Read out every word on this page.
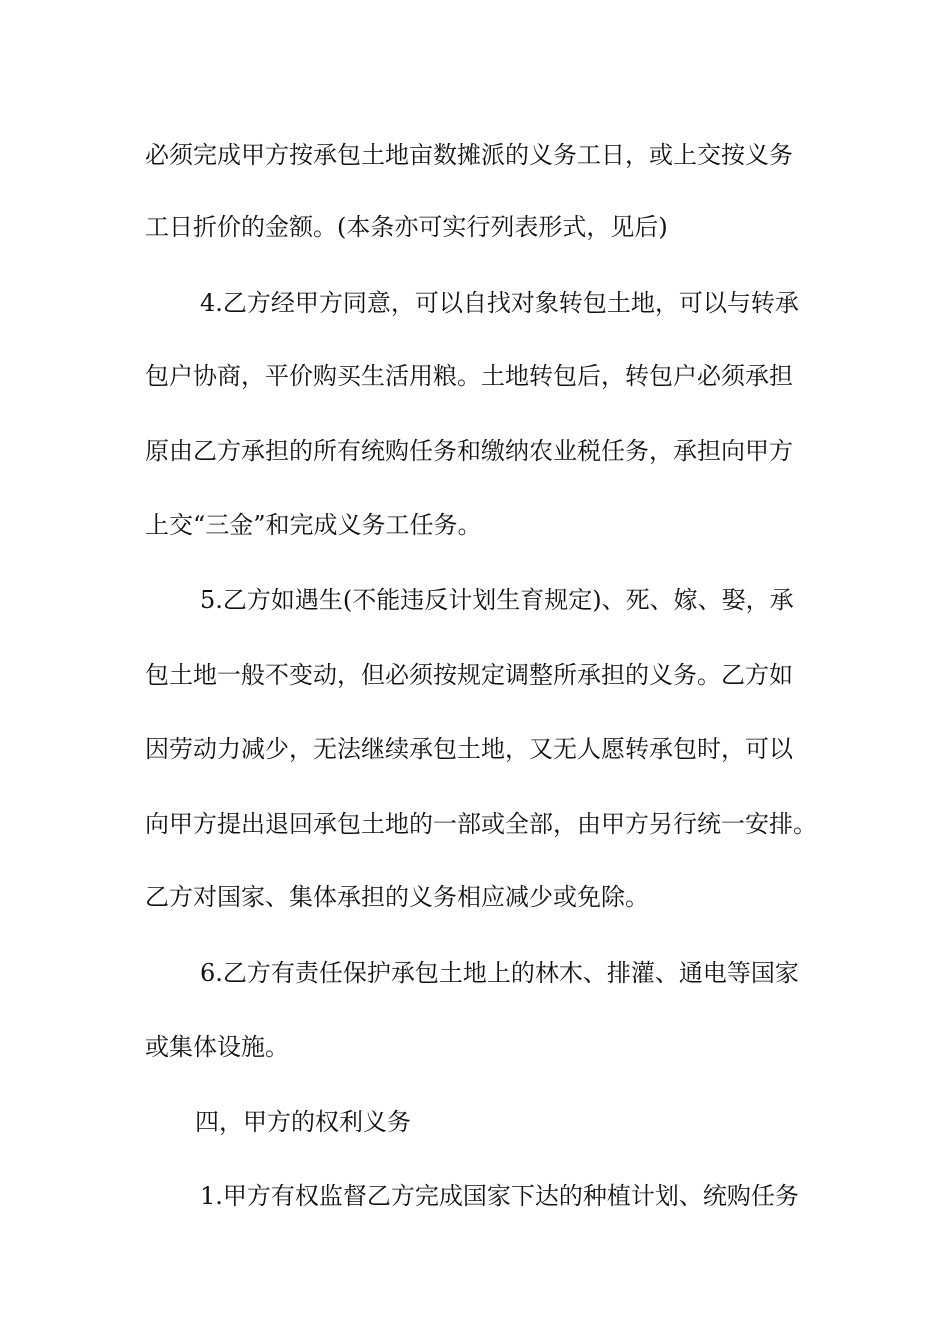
必须完成甲方按承包土地亩数摊派的义务工日，或上交按义务
工日折价的金额。(本条亦可实行列表形式，见后)
4.乙方经甲方同意，可以自找对象转包土地，可以与转承
包户协商，平价购买生活用粮。土地转包后，转包户必须承担
原由乙方承担的所有统购任务和缴纳农业税任务，承担向甲方
上交“三金”和完成义务工任务。
5.乙方如遇生(不能违反计划生育规定)、死、嫁、娶，承
包土地一般不变动，但必须按规定调整所承担的义务。乙方如
因劳动力减少，无法继续承包土地，又无人愿转承包时，可以
向甲方提出退回承包土地的一部或全部，由甲方另行统一安排。
乙方对国家、集体承担的义务相应减少或免除。
6.乙方有责任保护承包土地上的林木、排灌、通电等国家
或集体设施。
四，甲方的权利义务
1.甲方有权监督乙方完成国家下达的种植计划、统购任务
